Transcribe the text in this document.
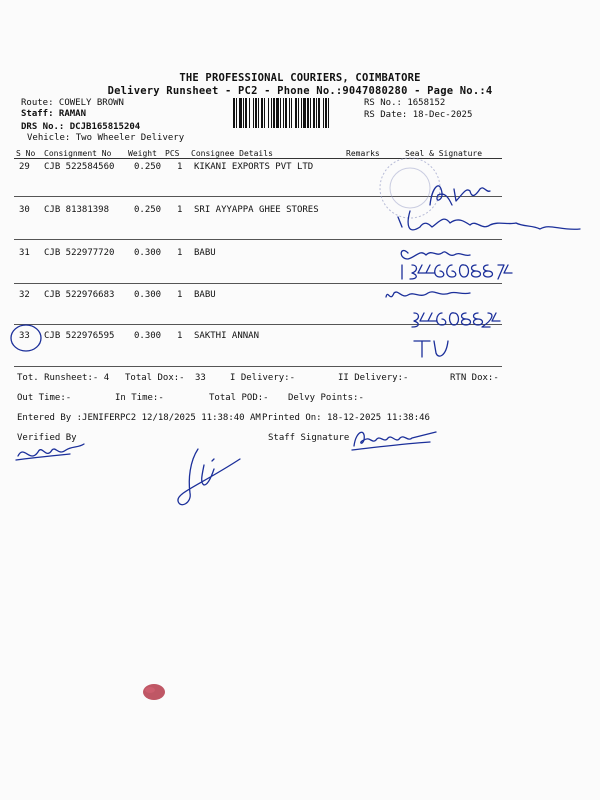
THE PROFESSIONAL COURIERS, COIMBATORE
Delivery Runsheet - PC2 - Phone No.:9047080280 - Page No.:4
Route: COWELY BROWN
Staff: RAMAN
DRS No.: DCJB165815204
Vehicle: Two Wheeler Delivery
RS No.: 1658152
RS Date: 18-Dec-2025
S No Consignment No Weight PCS Consignee Details	Remarks	Seal & Signature
29 CJB 522584560 0.250 1 KIKANI EXPORTS PVT LTD
30 CJB 81381398	0.250 1 SRI AYYAPPA GHEE STORES
31 CJB 522977720 0.300 1 BABU
32 CJB 522976683 0.300 1 BABU
33 CJB 522976595 0.300 1 SAKTHI ANNAN
Tot. Runsheet:- 4 Total Dox:- 33	I Delivery:-	II Delivery:-	RTN Dox:-
Out Time:-	In Time:-	Total POD:- Delvy Points:-
Entered By :JENIFERPC2 12/18/2025 11:38:40 AM Printed On: 18-12-2025 11:38:46
Verified By	Staff Signature
